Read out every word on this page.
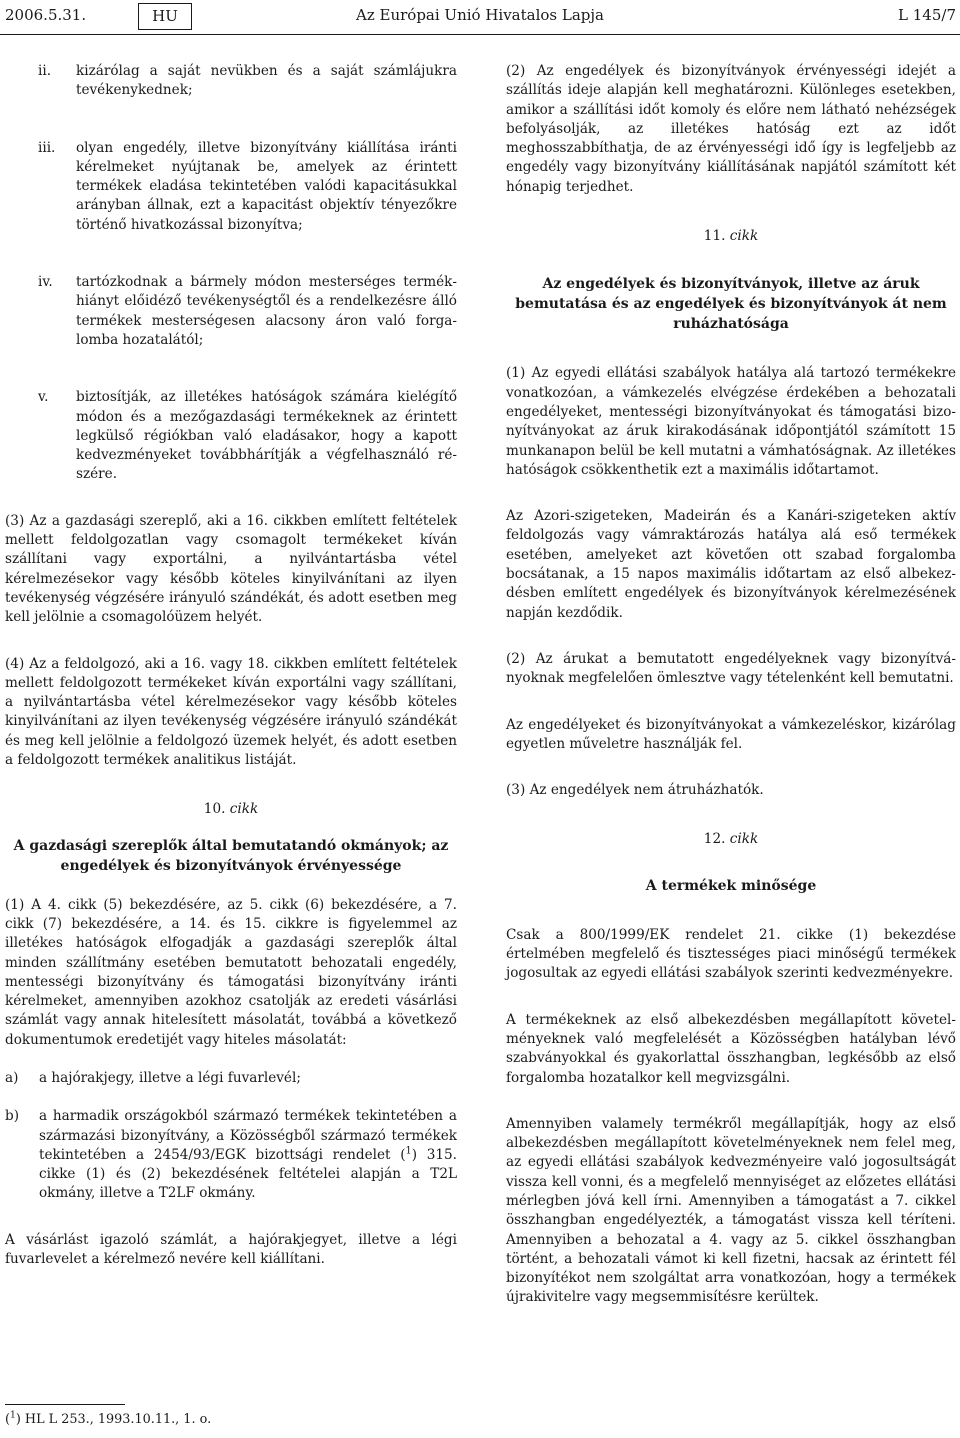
2006.5.31.	HU	Az Európai Unió Hivatalos Lapja	L 145/7
ii.	kizárólag a saját nevükben és a saját számlájukra tevékenykednek;
iii.	olyan engedély, illetve bizonyítvány kiállítása iránti kérelmeket nyújtanak be, amelyek az érintett termékek eladása tekintetében valódi kapacitásukkal arányban állnak, ezt a kapacitást objektív tényezőkre történő hivatkozással bizonyítva;
iv.	tartózkodnak a bármely módon mesterséges termékhiányt előidéző tevékenységtől és a rendelkezésre álló termékek mesterségesen alacsony áron való forgalomba hozatalától;
v.	biztosítják, az illetékes hatóságok számára kielégítő módon és a mezőgazdasági termékeknek az érintett legkülső régiókban való eladásakor, hogy a kapott kedvezményeket továbbhárítják a végfelhasználó részére.

(3) Az a gazdasági szereplő, aki a 16. cikkben említett feltételek mellett feldolgozatlan vagy csomagolt termékeket kíván szállítani vagy exportálni, a nyilvántartásba vétel kérelmezésekor vagy később köteles kinyilvánítani az ilyen tevékenység végzésére irányuló szándékát, és adott esetben meg kell jelölnie a csomagolóüzem helyét.

(4) Az a feldolgozó, aki a 16. vagy 18. cikkben említett feltételek mellett feldolgozott termékeket kíván exportálni vagy szállítani, a nyilvántartásba vétel kérelmezésekor vagy később köteles kinyilvánítani az ilyen tevékenység végzésére irányuló szándékát és meg kell jelölnie a feldolgozó üzemek helyét, és adott esetben a feldolgozott termékek analitikus listáját.

10. cikk
A gazdasági szereplők által bemutatandó okmányok; az engedélyek és bizonyítványok érvényessége

(1) A 4. cikk (5) bekezdésére, az 5. cikk (6) bekezdésére, a 7. cikk (7) bekezdésére, a 14. és 15. cikkre is figyelemmel az illetékes hatóságok elfogadják a gazdasági szereplők által minden szállítmány esetében bemutatott behozatali engedély, mentességi bizonyítvány és támogatási bizonyítvány iránti kérelmeket, amennyiben azokhoz csatolják az eredeti vásárlási számlát vagy annak hitelesített másolatát, továbbá a következő dokumentumok eredetijét vagy hiteles másolatát:

a)	a hajórakjegy, illetve a légi fuvarlevél;
b)	a harmadik országokból származó termékek tekintetében a származási bizonyítvány, a Közösségből származó termékek tekintetében a 2454/93/EGK bizottsági rendelet ($^1$) 315. cikke (1) és (2) bekezdésének feltételei alapján a T2L okmány, illetve a T2LF okmány.

A vásárlást igazoló számlát, a hajórakjegyet, illetve a légi fuvarlevelet a kérelmező nevére kell kiállítani.

($^1$) HL L 253., 1993.10.11., 1. o.

(2) Az engedélyek és bizonyítványok érvényességi idejét a szállítás ideje alapján kell meghatározni. Különleges esetekben, amikor a szállítási időt komoly és előre nem látható nehézségek befolyásolják, az illetékes hatóság ezt az időt meghosszabbíthatja, de az érvényességi idő így is legfeljebb az engedély vagy bizonyítvány kiállításának napjától számított két hónapig terjedhet.

11. cikk
Az engedélyek és bizonyítványok, illetve az áruk bemutatása és az engedélyek és bizonyítványok át nem ruházhatósága

(1) Az egyedi ellátási szabályok hatálya alá tartozó termékekre vonatkozóan, a vámkezelés elvégzése érdekében a behozatali engedélyeket, mentességi bizonyítványokat és támogatási bizonyítványokat az áruk kirakodásának időpontjától számított 15 munkanapon belül be kell mutatni a vámhatóságnak. Az illetékes hatóságok csökkenthetik ezt a maximális időtartamot.

Az Azori-szigeteken, Madeirán és a Kanári-szigeteken aktív feldolgozás vagy vámraktározás hatálya alá eső termékek esetében, amelyeket azt követően ott szabad forgalomba bocsátanak, a 15 napos maximális időtartam az első albekezdésben említett engedélyek és bizonyítványok kérelmezésének napján kezdődik.

(2) Az árukat a bemutatott engedélyeknek vagy bizonyítványoknak megfelelően ömlesztve vagy tételenként kell bemutatni.

Az engedélyeket és bizonyítványokat a vámkezeléskor, kizárólag egyetlen műveletre használják fel.

(3) Az engedélyek nem átruházhatók.

12. cikk
A termékek minősége

Csak a 800/1999/EK rendelet 21. cikke (1) bekezdése értelmében megfelelő és tisztességes piaci minőségű termékek jogosultak az egyedi ellátási szabályok szerinti kedvezményekre.

A termékeknek az első albekezdésben megállapított követelményeknek való megfelelését a Közösségben hatályban lévő szabványokkal és gyakorlattal összhangban, legkésőbb az első forgalomba hozatalkor kell megvizsgálni.

Amennyiben valamely termékről megállapítják, hogy az első albekezdésben megállapított követelményeknek nem felel meg, az egyedi ellátási szabályok kedvezményeire való jogosultságát vissza kell vonni, és a megfelelő mennyiséget az előzetes ellátási mérlegben jóvá kell írni. Amennyiben a támogatást a 7. cikkel összhangban engedélyezték, a támogatást vissza kell téríteni. Amennyiben a behozatal a 4. vagy az 5. cikkel összhangban történt, a behozatali vámot ki kell fizetni, hacsak az érintett fél bizonyítékot nem szolgáltat arra vonatkozóan, hogy a termékek újrakivitelre vagy megsemmisítésre kerültek.
